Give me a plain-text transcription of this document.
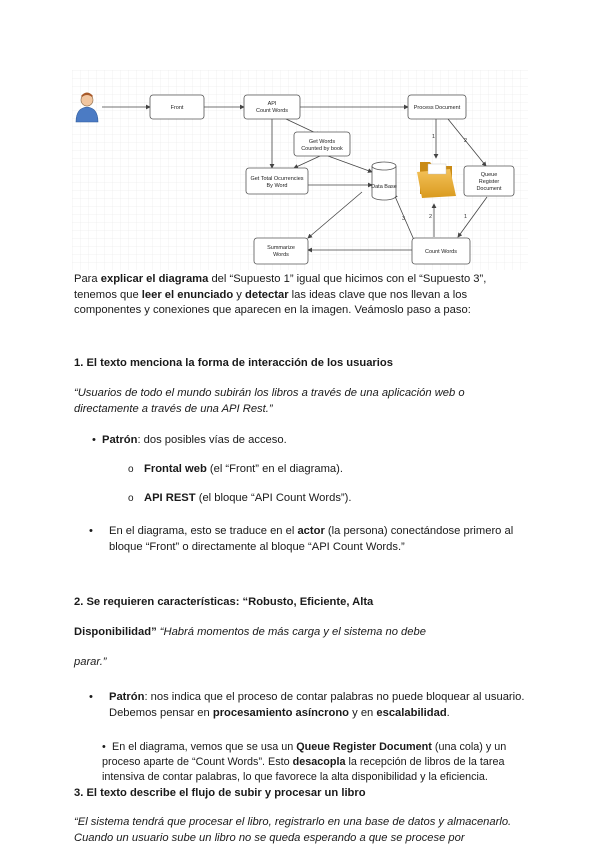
1
2
1
2
3
Front
API
Count Words	Process Document
Get Words
Counted by book
Get Total Ocurrencies
By Word	Data Base
Queue
Register
Document
Summarize
Words	Count Words

Para explicar el diagrama del “Supuesto 1” igual que hicimos con el “Supuesto 3”, tenemos que leer el enunciado y detectar las ideas clave que nos llevan a los componentes y conexiones que aparecen en la imagen. Veámoslo paso a paso:

1. El texto menciona la forma de interacción de los usuarios

“Usuarios de todo el mundo subirán los libros a través de una aplicación web o directamente a través de una API Rest.”

• Patrón: dos posibles vías de acceso.

o Frontal web (el “Front” en el diagrama).

o API REST (el bloque “API Count Words”).

• En el diagrama, esto se traduce en el actor (la persona) conectándose primero al bloque “Front” o directamente al bloque “API Count Words.”

2. Se requieren características: “Robusto, Eficiente, Alta

Disponibilidad” “Habrá momentos de más carga y el sistema no debe

parar.”

• Patrón: nos indica que el proceso de contar palabras no puede bloquear al usuario. Debemos pensar en procesamiento asíncrono y en escalabilidad.

• En el diagrama, vemos que se usa un Queue Register Document (una cola) y un proceso aparte de “Count Words”. Esto desacopla la recepción de libros de la tarea intensiva de contar palabras, lo que favorece la alta disponibilidad y la eficiencia.

3. El texto describe el flujo de subir y procesar un libro

“El sistema tendrá que procesar el libro, registrarlo en una base de datos y almacenarlo. Cuando un usuario sube un libro no se queda esperando a que se procese por
